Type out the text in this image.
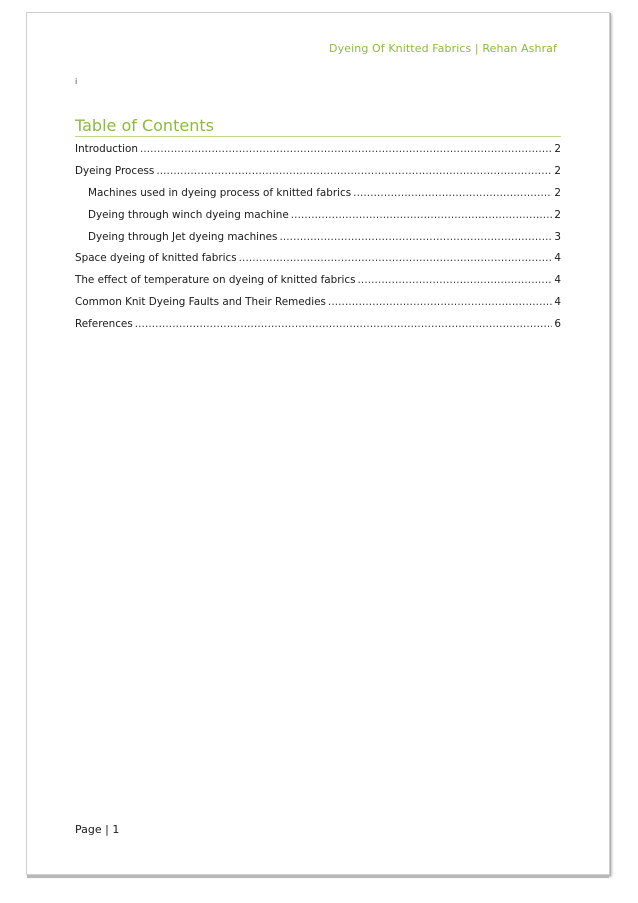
Dyeing Of Knitted Fabrics | Rehan Ashraf
i
Table of Contents
Introduction . . .	2
Dyeing Process . . .	2
Machines used in dyeing process of knitted fabrics . . .	2
Dyeing through winch dyeing machine . . .	2
Dyeing through Jet dyeing machines . . .	3
Space dyeing of knitted fabrics . . .	4
The effect of temperature on dyeing of knitted fabrics . . .	4
Common Knit Dyeing Faults and Their Remedies . . .	4
References . . .	6
Page | 1
